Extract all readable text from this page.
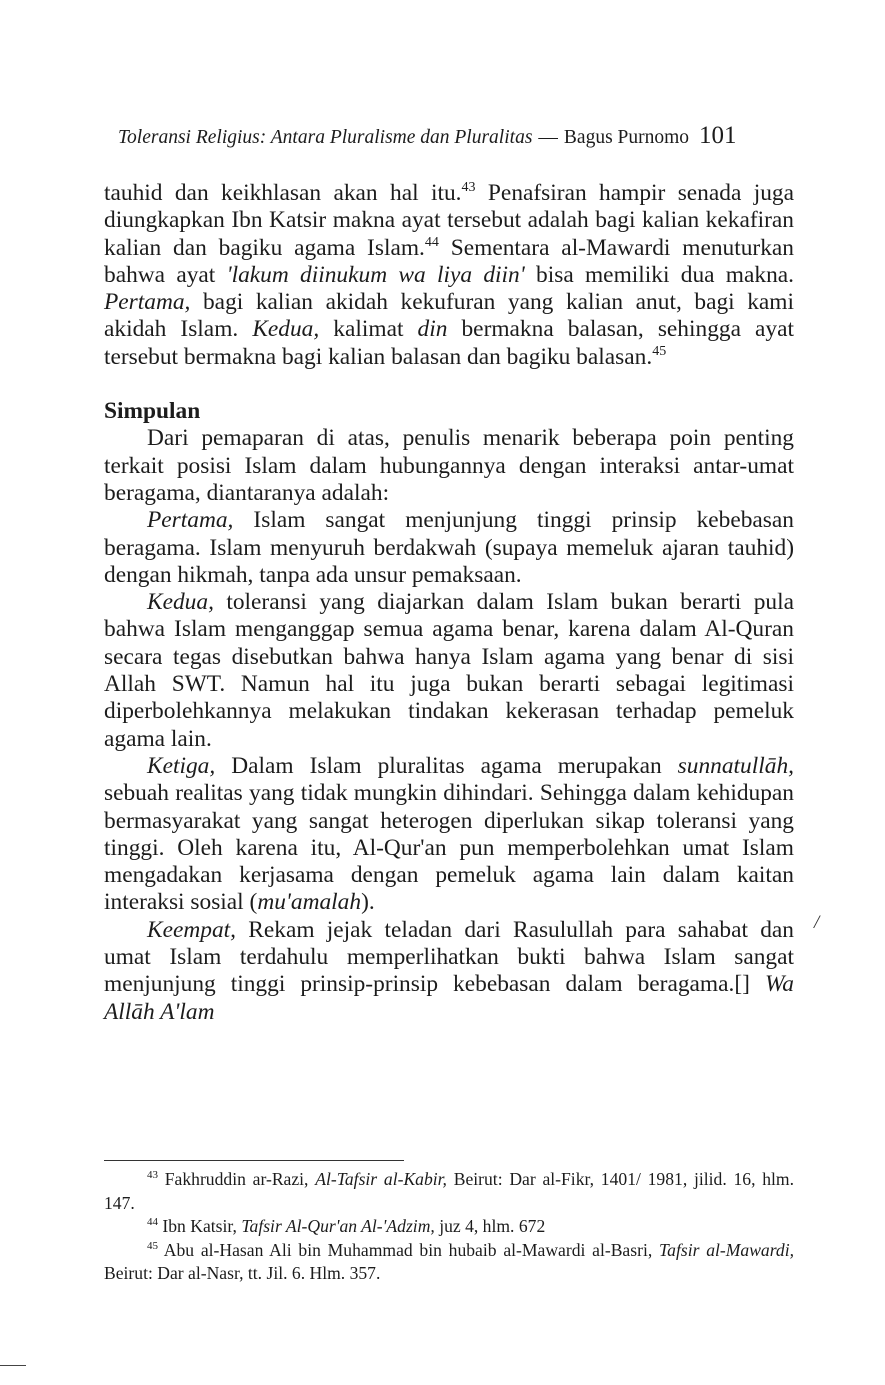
Toleransi Religius: Antara Pluralisme dan Pluralitas — Bagus Purnomo 101

tauhid dan keikhlasan akan hal itu.$^{43}$ Penafsiran hampir senada juga diungkapkan Ibn Katsir makna ayat tersebut adalah bagi kalian kekafiran kalian dan bagiku agama Islam.$^{44}$ Sementara al-Mawardi menuturkan bahwa ayat 'lakum diinukum wa liya diin' bisa memiliki dua makna. Pertama, bagi kalian akidah kekufuran yang kalian anut, bagi kami akidah Islam. Kedua, kalimat din bermakna balasan, sehingga ayat tersebut bermakna bagi kalian balasan dan bagiku balasan.$^{45}$

Simpulan

Dari pemaparan di atas, penulis menarik beberapa poin penting terkait posisi Islam dalam hubungannya dengan interaksi antar-umat beragama, diantaranya adalah:

Pertama, Islam sangat menjunjung tinggi prinsip kebebasan beragama. Islam menyuruh berdakwah (supaya memeluk ajaran tauhid) dengan hikmah, tanpa ada unsur pemaksaan.

Kedua, toleransi yang diajarkan dalam Islam bukan berarti pula bahwa Islam menganggap semua agama benar, karena dalam Al-Quran secara tegas disebutkan bahwa hanya Islam agama yang benar di sisi Allah SWT. Namun hal itu juga bukan berarti sebagai legitimasi diperbolehkannya melakukan tindakan kekerasan terhadap pemeluk agama lain.

Ketiga, Dalam Islam pluralitas agama merupakan sunnatullāh, sebuah realitas yang tidak mungkin dihindari. Sehingga dalam kehidupan bermasyarakat yang sangat heterogen diperlukan sikap toleransi yang tinggi. Oleh karena itu, Al-Qur'an pun memperbolehkan umat Islam mengadakan kerjasama dengan pemeluk agama lain dalam kaitan interaksi sosial (mu'amalah).

Keempat, Rekam jejak teladan dari Rasulullah para sahabat dan umat Islam terdahulu memperlihatkan bukti bahwa Islam sangat menjunjung tinggi prinsip-prinsip kebebasan dalam beragama.[] Wa Allāh A'lam

/

$^{43}$ Fakhruddin ar-Razi, Al-Tafsir al-Kabir, Beirut: Dar al-Fikr, 1401/ 1981, jilid. 16, hlm. 147.

$^{44}$ Ibn Katsir, Tafsir Al-Qur'an Al-'Adzim, juz 4, hlm. 672

$^{45}$ Abu al-Hasan Ali bin Muhammad bin hubaib al-Mawardi al-Basri, Tafsir al-Mawardi, Beirut: Dar al-Nasr, tt. Jil. 6. Hlm. 357.
